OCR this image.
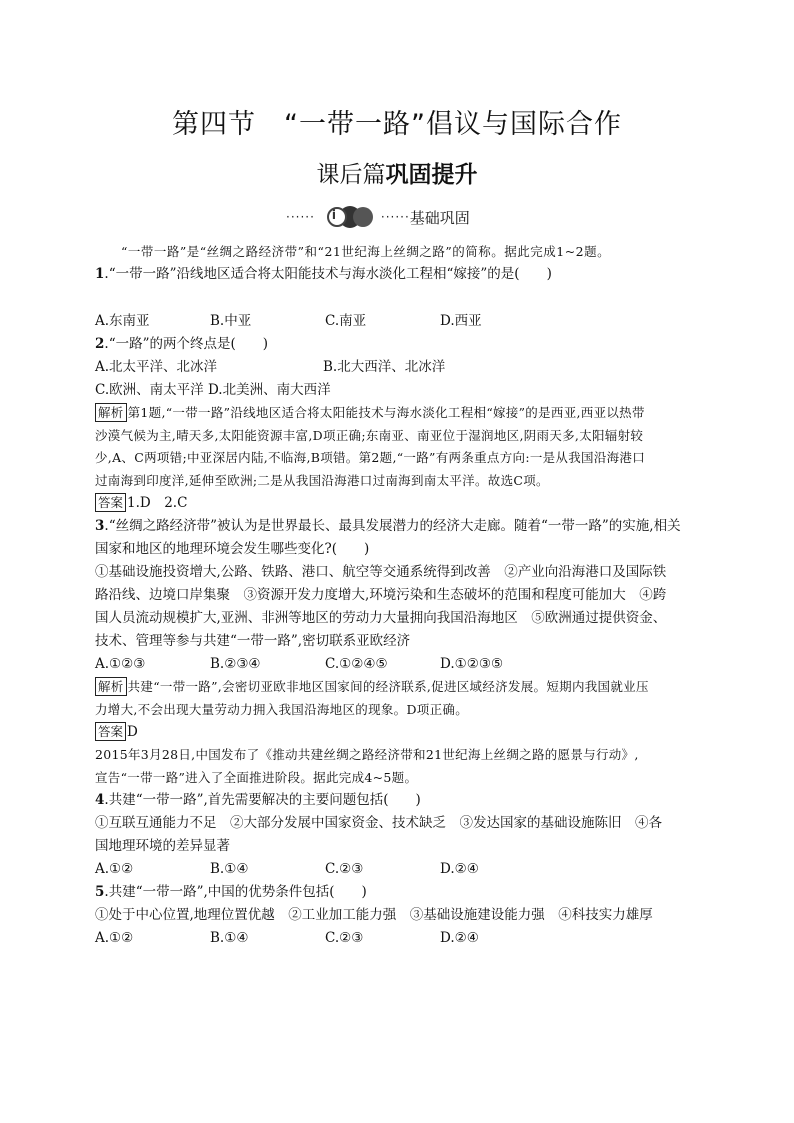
第四节　“一带一路”倡议与国际合作
课后篇巩固提升
······ i	······ 基础巩固
“一带一路”是“丝绸之路经济带”和“21世纪海上丝绸之路”的简称。据此完成1~2题。
1.“一带一路”沿线地区适合将太阳能技术与海水淡化工程相“嫁接”的是(　　)
A.东南亚	B.中亚	C.南亚	D.西亚
2.“一路”的两个终点是(　　)
A.北太平洋、北冰洋	B.北大西洋、北冰洋
C.欧洲、南太平洋 D.北美洲、南大西洋
解析 第1题,“一带一路”沿线地区适合将太阳能技术与海水淡化工程相“嫁接”的是西亚,西亚以热带
沙漠气候为主,晴天多,太阳能资源丰富,D项正确;东南亚、南亚位于湿润地区,阴雨天多,太阳辐射较
少,A、C两项错;中亚深居内陆,不临海,B项错。第2题,“一路”有两条重点方向:一是从我国沿海港口
过南海到印度洋,延伸至欧洲;二是从我国沿海港口过南海到南太平洋。故选C项。
答案 1.D　2.C
3.“丝绸之路经济带”被认为是世界最长、最具发展潜力的经济大走廊。随着“一带一路”的实施,相关
国家和地区的地理环境会发生哪些变化?(　　)
①基础设施投资增大,公路、铁路、港口、航空等交通系统得到改善　②产业向沿海港口及国际铁
路沿线、边境口岸集聚　③资源开发力度增大,环境污染和生态破坏的范围和程度可能加大　④跨
国人员流动规模扩大,亚洲、非洲等地区的劳动力大量拥向我国沿海地区　⑤欧洲通过提供资金、
技术、管理等参与共建“一带一路”,密切联系亚欧经济
A.①②③	B.②③④	C.①②④⑤	D.①②③⑤
解析 共建“一带一路”,会密切亚欧非地区国家间的经济联系,促进区域经济发展。短期内我国就业压
力增大,不会出现大量劳动力拥入我国沿海地区的现象。D项正确。
答案 D
2015年3月28日,中国发布了《推动共建丝绸之路经济带和21世纪海上丝绸之路的愿景与行动》,
宣告“一带一路”进入了全面推进阶段。据此完成4~5题。
4.共建“一带一路”,首先需要解决的主要问题包括(　　)
①互联互通能力不足　②大部分发展中国家资金、技术缺乏　③发达国家的基础设施陈旧　④各
国地理环境的差异显著
A.①②	B.①④	C.②③	D.②④
5.共建“一带一路”,中国的优势条件包括(　　)
①处于中心位置,地理位置优越　②工业加工能力强　③基础设施建设能力强　④科技实力雄厚
A.①②	B.①④	C.②③	D.②④
